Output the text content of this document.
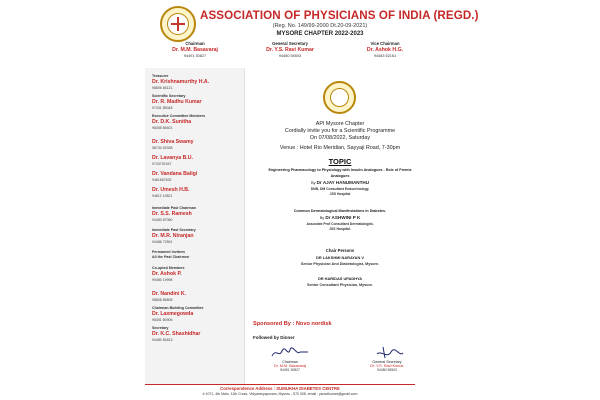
ASSOCIATION OF PHYSICIANS OF INDIA (REGD.)
(Reg. No. 149/99-2000 Dt.20-09-2021)
MYSORE CHAPTER 2022-2023
Chairman
Dr. M.M. Basavaraj
94491 30827
General Secretary
Dr. Y.S. Ravi Kumar
94480 55503
Vice Chairman
Dr. Ashok H.G.
94483 52161
Treasurer
Dr. Krishnamurthy H.A.
98806 65121
Scientific Secretary
Dr. R. Madhu Kumar
97431 85048
Executive Committee Members
Dr. D.K. Sunitha
98455 85401
Dr. Shiva Swamy
98734 92338
Dr. Lavanya B.U.
9743791547
Dr. Vandana Baligi
9481667832
Dr. Umesh H.B.
94812 10821
Immediate Past Chairman
Dr. S.S. Ramesh
94483 87060
Immediate Past Secretary
Dr. M.R. Niranjan
94486 72591
Permanent Invitees
All the Past Chairmen
Co-opted Members
Dr. Ashok P.
99480 19998
Dr. Nandini K.
98808 85808
Chairman Building Committee
Dr. Laxmegowda
98451 80906
Secretary
Dr. K.C. Shashidhar
94480 84813
API Mysore Chapter
Cordially invite you for a Scientific Programme
On 07/08/2022, Saturday
Venue : Hotel Rio Meridian, Sayyaji Road, 7-30pm
TOPIC
Engineering Pharmacology to Physiology with Insulin Analogues - Role of Premix
Analogues
By Dr AJAY HANUMANTHU
DNB, DM Consultant Endocrinology,
JSS Hospital
Common Dermatological Manifestations in Diabetes.
By Dr ASHWINI P K
Associate Prof Consultant Dermatologist,
JSS Hospital.
Chair Persons
DR LAKSHMI NARAYAN V
Senior Physician And Diabetologist, Mysore.
DR HARIDAS UPADHYA
Senior Consultant Physician, Mysore.
Sponsored By : Novo nordisk
Followed by Dinner
Chairman
Dr. M.M. Basavaraj
94491 30827
General Secretary
Dr. Y.S. Ravi Kumar
94480 55503
Correspondence Address : SUMUKHA DIABETES CENTRE
# 1071, 4th Main, 11th Cross, Vidyaranyapuram, Mysuru - 570 008. email : ysravikumar@gmail.com
